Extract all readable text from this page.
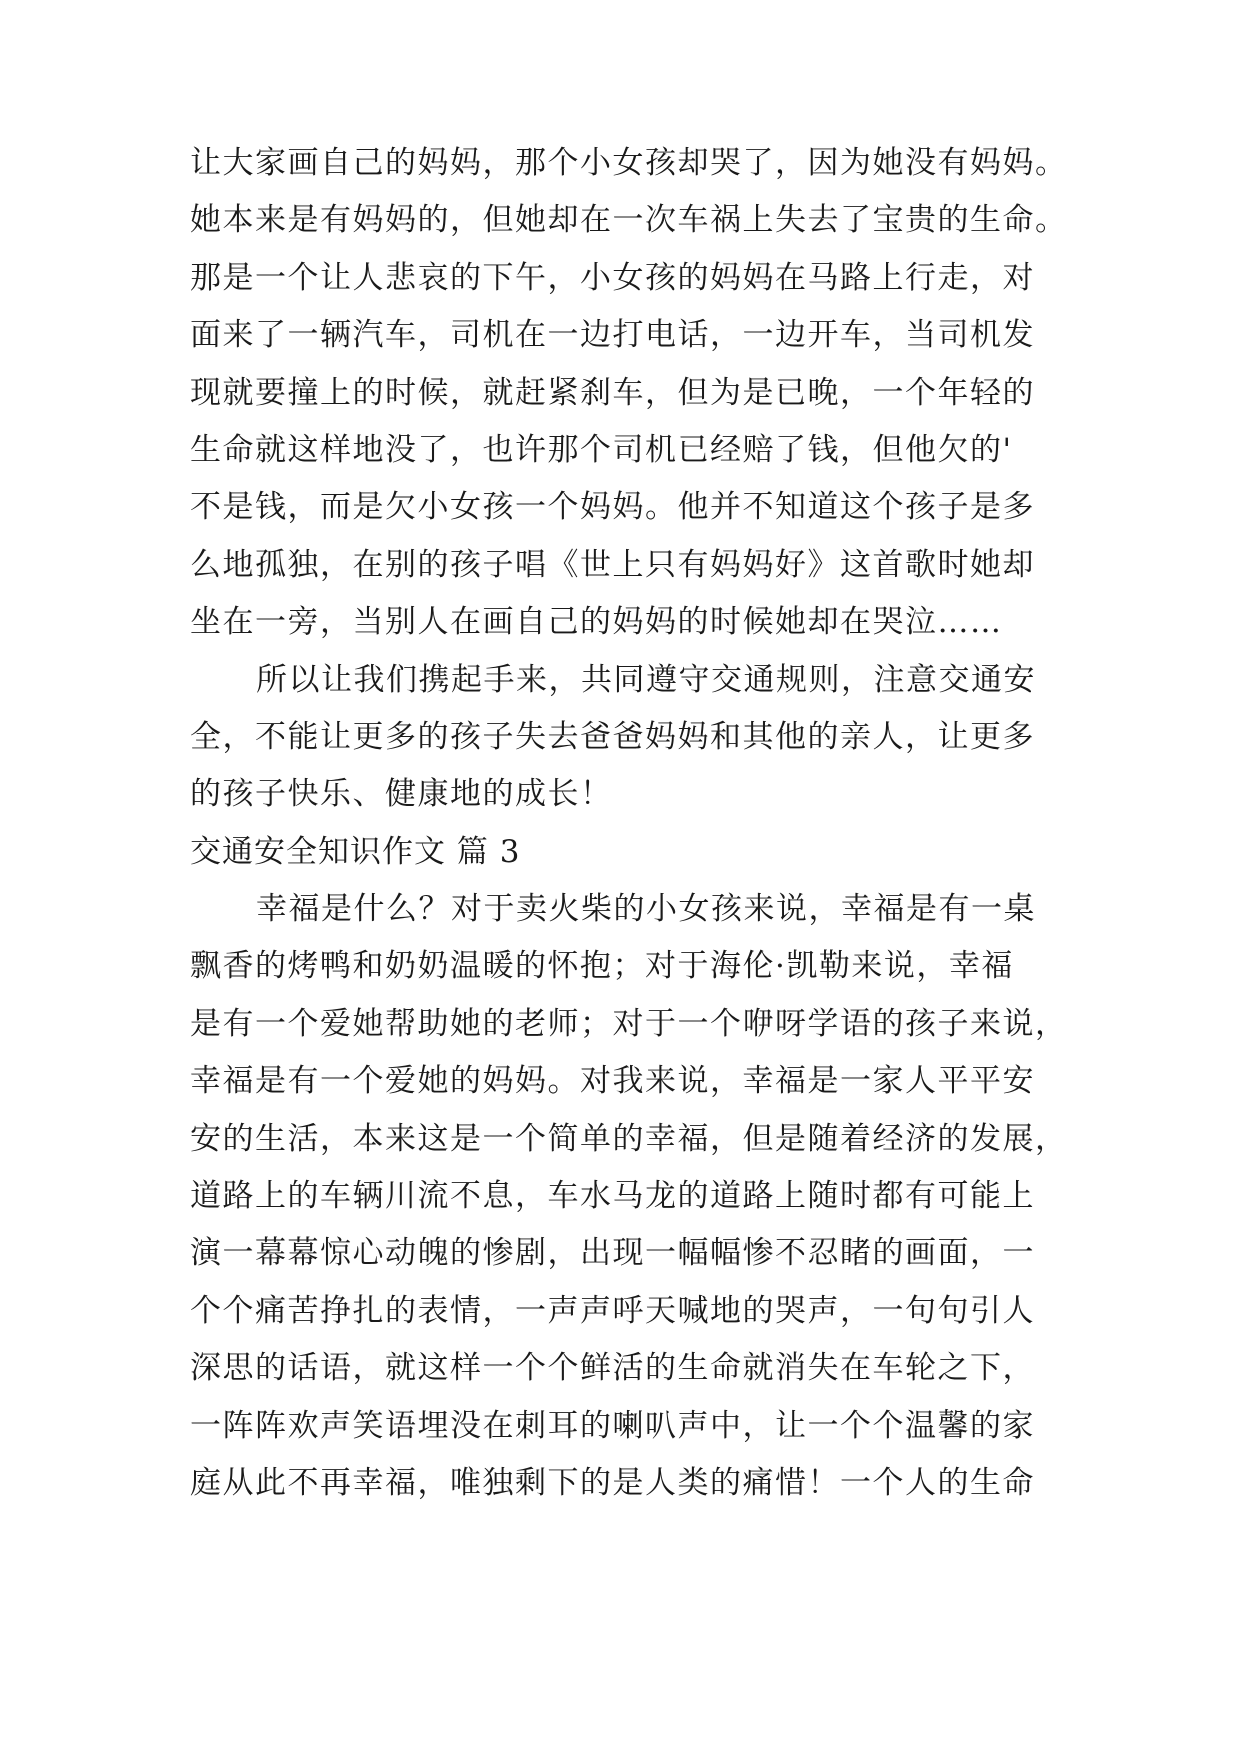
让大家画自己的妈妈，那个小女孩却哭了，因为她没有妈妈。
她本来是有妈妈的，但她却在一次车祸上失去了宝贵的生命。
那是一个让人悲哀的下午，小女孩的妈妈在马路上行走，对
面来了一辆汽车，司机在一边打电话，一边开车，当司机发
现就要撞上的时候，就赶紧刹车，但为是已晚，一个年轻的
生命就这样地没了，也许那个司机已经赔了钱，但他欠的'
不是钱，而是欠小女孩一个妈妈。他并不知道这个孩子是多
么地孤独，在别的孩子唱《世上只有妈妈好》这首歌时她却
坐在一旁，当别人在画自己的妈妈的时候她却在哭泣……
所以让我们携起手来，共同遵守交通规则，注意交通安
全，不能让更多的孩子失去爸爸妈妈和其他的亲人，让更多
的孩子快乐、健康地的成长！
交通安全知识作文 篇 3
幸福是什么？对于卖火柴的小女孩来说，幸福是有一桌
飘香的烤鸭和奶奶温暖的怀抱；对于海伦·凯勒来说，幸福
是有一个爱她帮助她的老师；对于一个咿呀学语的孩子来说，
幸福是有一个爱她的妈妈。对我来说，幸福是一家人平平安
安的生活，本来这是一个简单的幸福，但是随着经济的发展，
道路上的车辆川流不息，车水马龙的道路上随时都有可能上
演一幕幕惊心动魄的惨剧，出现一幅幅惨不忍睹的画面，一
个个痛苦挣扎的表情，一声声呼天喊地的哭声，一句句引人
深思的话语，就这样一个个鲜活的生命就消失在车轮之下，
一阵阵欢声笑语埋没在刺耳的喇叭声中，让一个个温馨的家
庭从此不再幸福，唯独剩下的是人类的痛惜！一个人的生命
